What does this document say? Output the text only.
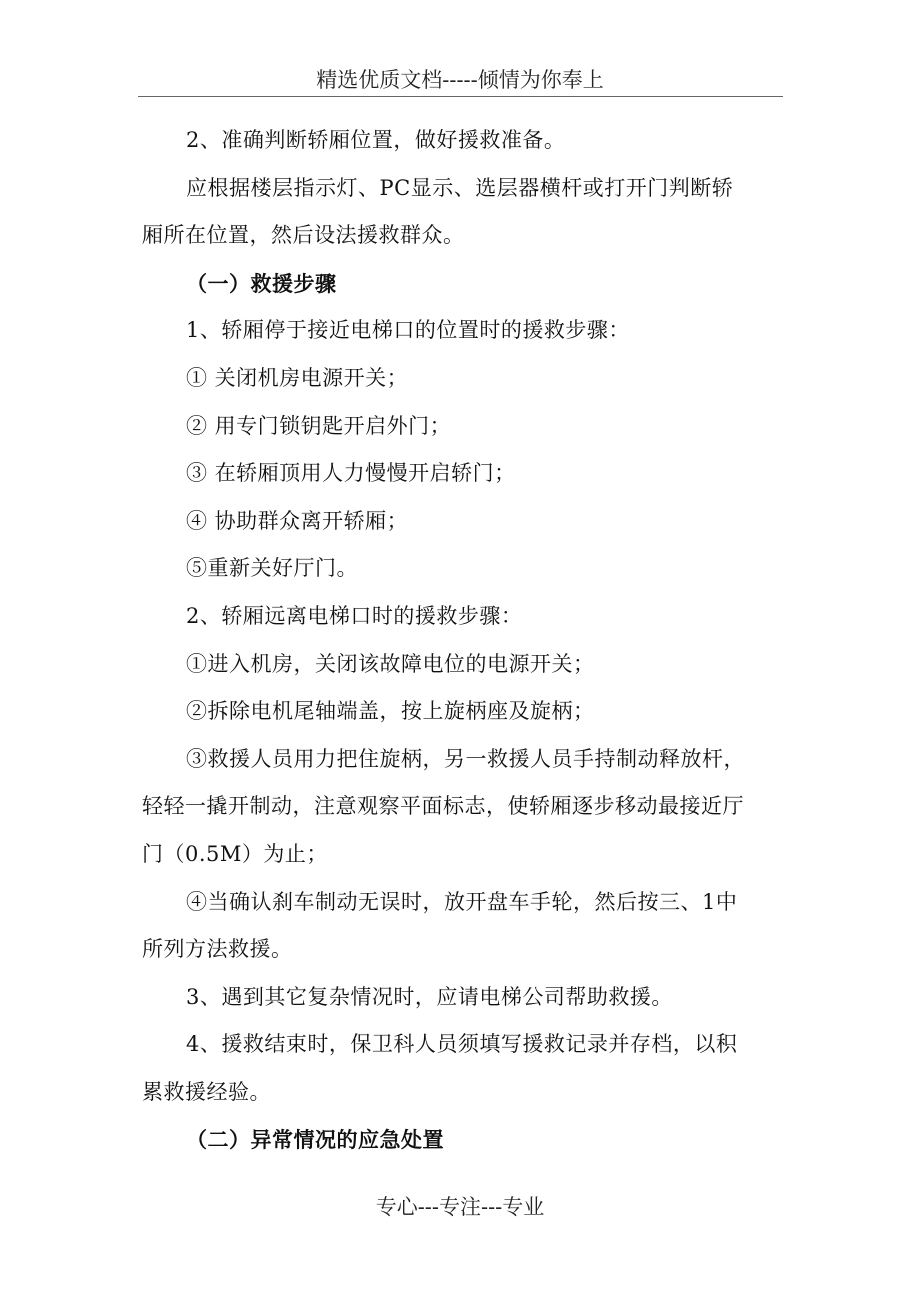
精选优质文档-----倾情为你奉上

2、准确判断轿厢位置，做好援救准备。

应根据楼层指示灯、PC显示、选层器横杆或打开门判断轿

厢所在位置，然后设法援救群众。

（一）救援步骤

1、轿厢停于接近电梯口的位置时的援救步骤：

① 关闭机房电源开关；

② 用专门锁钥匙开启外门；

③ 在轿厢顶用人力慢慢开启轿门；

④ 协助群众离开轿厢；

⑤重新关好厅门。

2、轿厢远离电梯口时的援救步骤：

①进入机房，关闭该故障电位的电源开关；

②拆除电机尾轴端盖，按上旋柄座及旋柄；

③救援人员用力把住旋柄，另一救援人员手持制动释放杆，

轻轻一撬开制动，注意观察平面标志，使轿厢逐步移动最接近厅

门（0.5M）为止；

④当确认刹车制动无误时，放开盘车手轮，然后按三、1中

所列方法救援。

3、遇到其它复杂情况时，应请电梯公司帮助救援。

4、援救结束时，保卫科人员须填写援救记录并存档，以积

累救援经验。

（二）异常情况的应急处置

专心---专注---专业
